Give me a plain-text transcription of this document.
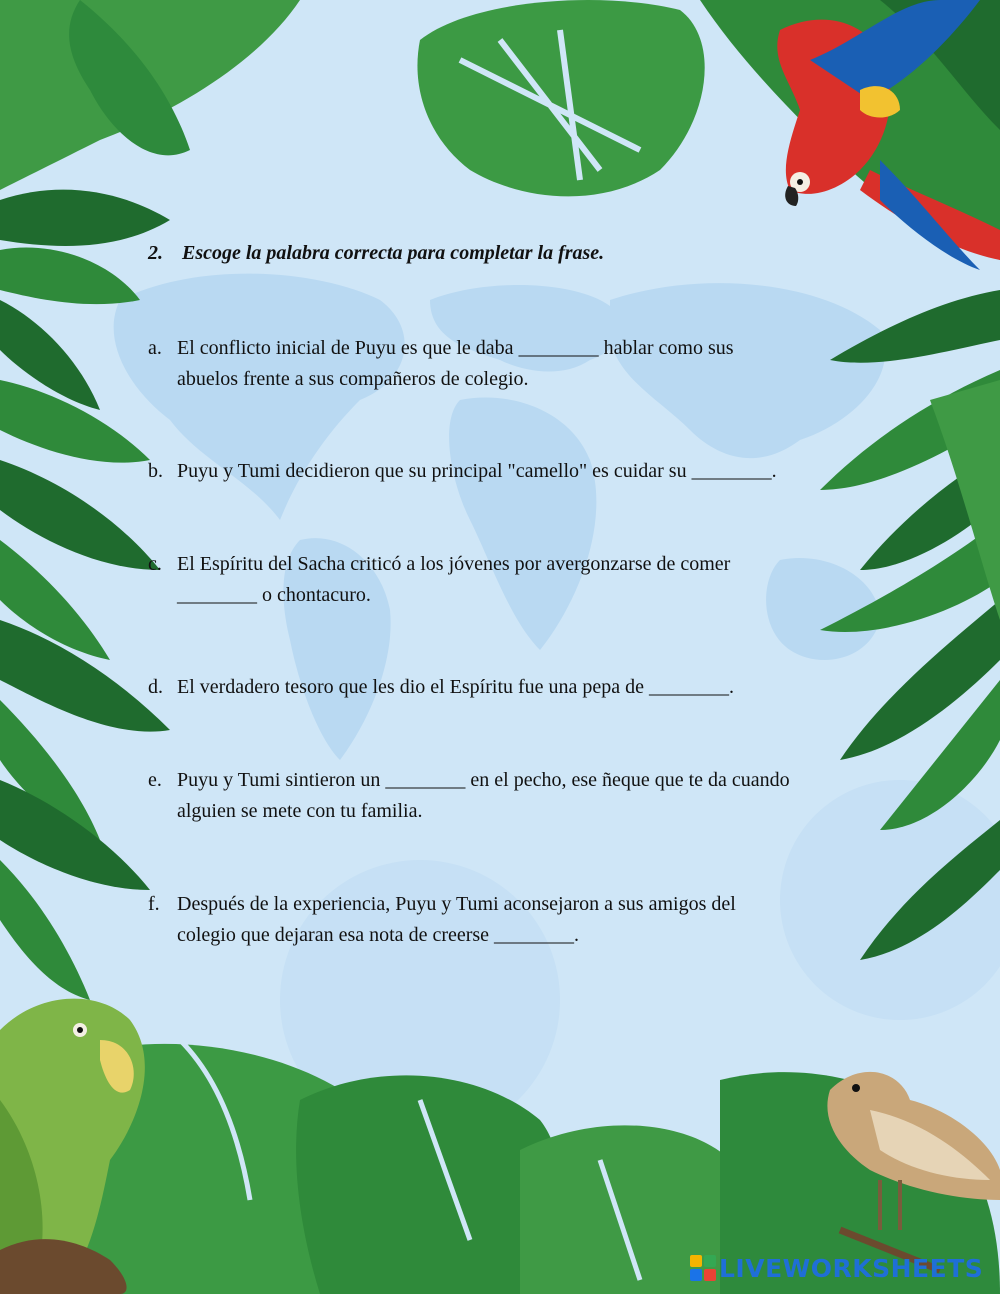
2. Escoge la palabra correcta para completar la frase.
a. El conflicto inicial de Puyu es que le daba ________ hablar como sus
abuelos frente a sus compañeros de colegio.
b. Puyu y Tumi decidieron que su principal "camello" es cuidar su ________.
c. El Espíritu del Sacha criticó a los jóvenes por avergonzarse de comer
________ o chontacuro.
d. El verdadero tesoro que les dio el Espíritu fue una pepa de ________.
e. Puyu y Tumi sintieron un ________ en el pecho, ese ñeque que te da cuando
alguien se mete con tu familia.
f. Después de la experiencia, Puyu y Tumi aconsejaron a sus amigos del
colegio que dejaran esa nota de creerse ________.
LIVEWORKSHEETS
